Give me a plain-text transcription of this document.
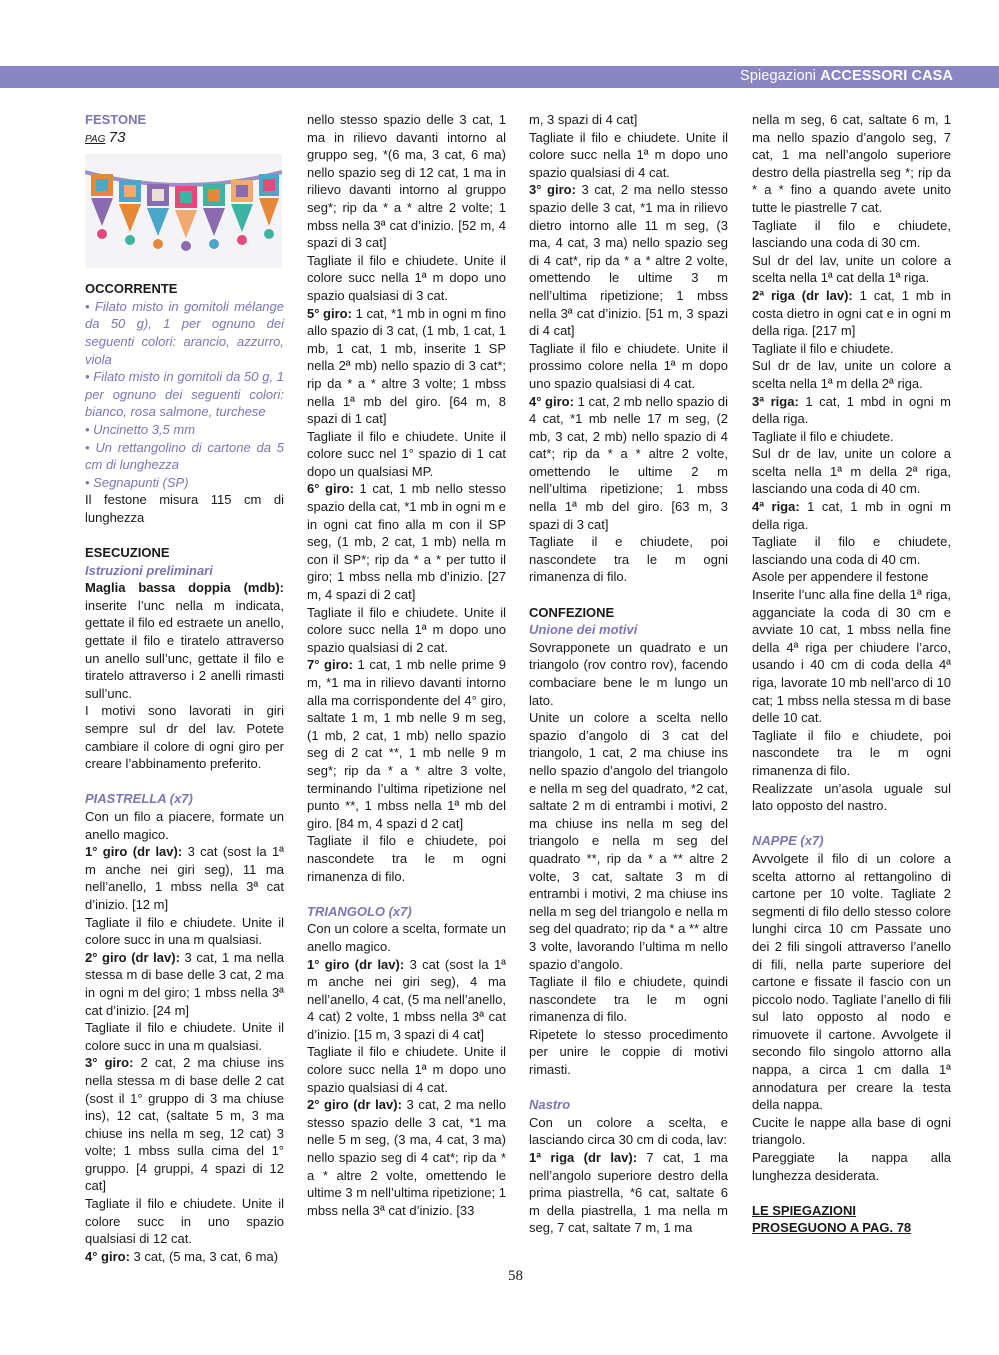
Spiegazioni ACCESSORI CASA

FESTONE

PAG 73

OCCORRENTE

• Filato misto in gomitoli mélange da 50 g), 1 per ognuno dei seguenti colori: arancio, azzurro, viola

• Filato misto in gomitoli da 50 g, 1 per ognuno dei seguenti colori: bianco, rosa salmone, turchese

• Uncinetto 3,5 mm

• Un rettangolino di cartone da 5 cm di lunghezza

• Segnapunti (SP)

Il festone misura 115 cm di lunghezza

ESECUZIONE

Istruzioni preliminari

Maglia bassa doppia (mdb): inserite l’unc nella m indicata, gettate il filo ed estraete un anello, gettate il filo e tiratelo attraverso un anello sull’unc, gettate il filo e tiratelo attraverso i 2 anelli rimasti sull’unc.

I motivi sono lavorati in giri sempre sul dr del lav. Potete cambiare il colore di ogni giro per creare l’abbinamento preferito.

PIASTRELLA (x7)

Con un filo a piacere, formate un anello magico.

1° giro (dr lav): 3 cat (sost la 1ª m anche nei giri seg), 11 ma nell’anello, 1 mbss nella 3ª cat d’inizio. [12 m]

Tagliate il filo e chiudete. Unite il colore succ in una m qualsiasi.

2° giro (dr lav): 3 cat, 1 ma nella stessa m di base delle 3 cat, 2 ma in ogni m del giro; 1 mbss nella 3ª cat d’inizio. [24 m]

Tagliate il filo e chiudete. Unite il colore succ in una m qualsiasi.

3° giro: 2 cat, 2 ma chiuse ins nella stessa m di base delle 2 cat (sost il 1° gruppo di 3 ma chiuse ins), 12 cat, (saltate 5 m, 3 ma chiuse ins nella m seg, 12 cat) 3 volte; 1 mbss sulla cima del 1° gruppo. [4 gruppi, 4 spazi di 12 cat]

Tagliate il filo e chiudete. Unite il colore succ in uno spazio qualsiasi di 12 cat.

4° giro: 3 cat, (5 ma, 3 cat, 6 ma)

nello stesso spazio delle 3 cat, 1 ma in rilievo davanti intorno al gruppo seg, *(6 ma, 3 cat, 6 ma) nello spazio seg di 12 cat, 1 ma in rilievo davanti intorno al gruppo seg*; rip da * a * altre 2 volte; 1 mbss nella 3ª cat d’inizio. [52 m, 4 spazi di 3 cat]

Tagliate il filo e chiudete. Unite il colore succ nella 1ª m dopo uno spazio qualsiasi di 3 cat.

5° giro: 1 cat, *1 mb in ogni m fino allo spazio di 3 cat, (1 mb, 1 cat, 1 mb, 1 cat, 1 mb, inserite 1 SP nella 2ª mb) nello spazio di 3 cat*; rip da * a * altre 3 volte; 1 mbss nella 1ª mb del giro. [64 m, 8 spazi di 1 cat]

Tagliate il filo e chiudete. Unite il colore succ nel 1° spazio di 1 cat dopo un qualsiasi MP.

6° giro: 1 cat, 1 mb nello stesso spazio della cat, *1 mb in ogni m e in ogni cat fino alla m con il SP seg, (1 mb, 2 cat, 1 mb) nella m con il SP*; rip da * a * per tutto il giro; 1 mbss nella mb d’inizio. [27 m, 4 spazi di 2 cat]

Tagliate il filo e chiudete. Unite il colore succ nella 1ª m dopo uno spazio qualsiasi di 2 cat.

7° giro: 1 cat, 1 mb nelle prime 9 m, *1 ma in rilievo davanti intorno alla ma corrispondente del 4° giro, saltate 1 m, 1 mb nelle 9 m seg, (1 mb, 2 cat, 1 mb) nello spazio seg di 2 cat **, 1 mb nelle 9 m seg*; rip da * a * altre 3 volte, terminando l’ultima ripetizione nel punto **, 1 mbss nella 1ª mb del giro. [84 m, 4 spazi d 2 cat]

Tagliate il filo e chiudete, poi nascondete tra le m ogni rimanenza di filo.

TRIANGOLO (x7)

Con un colore a scelta, formate un anello magico.

1° giro (dr lav): 3 cat (sost la 1ª m anche nei giri seg), 4 ma nell’anello, 4 cat, (5 ma nell’anello, 4 cat) 2 volte, 1 mbss nella 3ª cat d’inizio. [15 m, 3 spazi di 4 cat]

Tagliate il filo e chiudete. Unite il colore succ nella 1ª m dopo uno spazio qualsiasi di 4 cat.

2° giro (dr lav): 3 cat, 2 ma nello stesso spazio delle 3 cat, *1 ma nelle 5 m seg, (3 ma, 4 cat, 3 ma) nello spazio seg di 4 cat*; rip da * a * altre 2 volte, omettendo le ultime 3 m nell’ultima ripetizione; 1 mbss nella 3ª cat d’inizio. [33

m, 3 spazi di 4 cat]

Tagliate il filo e chiudete. Unite il colore succ nella 1ª m dopo uno spazio qualsiasi di 4 cat.

3° giro: 3 cat, 2 ma nello stesso spazio delle 3 cat, *1 ma in rilievo dietro intorno alle 11 m seg, (3 ma, 4 cat, 3 ma) nello spazio seg di 4 cat*, rip da * a * altre 2 volte, omettendo le ultime 3 m nell’ultima ripetizione; 1 mbss nella 3ª cat d’inizio. [51 m, 3 spazi di 4 cat]

Tagliate il filo e chiudete. Unite il prossimo colore nella 1ª m dopo uno spazio qualsiasi di 4 cat.

4° giro: 1 cat, 2 mb nello spazio di 4 cat, *1 mb nelle 17 m seg, (2 mb, 3 cat, 2 mb) nello spazio di 4 cat*; rip da * a * altre 2 volte, omettendo le ultime 2 m nell’ultima ripetizione; 1 mbss nella 1ª mb del giro. [63 m, 3 spazi di 3 cat]

Tagliate il e chiudete, poi nascondete tra le m ogni rimanenza di filo.

CONFEZIONE

Unione dei motivi

Sovrapponete un quadrato e un triangolo (rov contro rov), facendo combaciare bene le m lungo un lato.

Unite un colore a scelta nello spazio d’angolo di 3 cat del triangolo, 1 cat, 2 ma chiuse ins nello spazio d’angolo del triangolo e nella m seg del quadrato, *2 cat, saltate 2 m di entrambi i motivi, 2 ma chiuse ins nella m seg del triangolo e nella m seg del quadrato **, rip da * a ** altre 2 volte, 3 cat, saltate 3 m di entrambi i motivi, 2 ma chiuse ins nella m seg del triangolo e nella m seg del quadrato; rip da * a ** altre 3 volte, lavorando l’ultima m nello spazio d’angolo.

Tagliate il filo e chiudete, quindi nascondete tra le m ogni rimanenza di filo.

Ripetete lo stesso procedimento per unire le coppie di motivi rimasti.

Nastro

Con un colore a scelta, e lasciando circa 30 cm di coda, lav:

1ª riga (dr lav): 7 cat, 1 ma nell’angolo superiore destro della prima piastrella, *6 cat, saltate 6 m della piastrella, 1 ma nella m seg, 7 cat, saltate 7 m, 1 ma

nella m seg, 6 cat, saltate 6 m, 1 ma nello spazio d’angolo seg, 7 cat, 1 ma nell’angolo superiore destro della piastrella seg *; rip da * a * fino a quando avete unito tutte le piastrelle 7 cat.

Tagliate il filo e chiudete, lasciando una coda di 30 cm.

Sul dr del lav, unite un colore a scelta nella 1ª cat della 1ª riga.

2ª riga (dr lav): 1 cat, 1 mb in costa dietro in ogni cat e in ogni m della riga. [217 m]

Tagliate il filo e chiudete.

Sul dr de lav, unite un colore a scelta nella 1ª m della 2ª riga.

3ª riga: 1 cat, 1 mbd in ogni m della riga.

Tagliate il filo e chiudete.

Sul dr de lav, unite un colore a scelta nella 1ª m della 2ª riga, lasciando una coda di 40 cm.

4ª riga: 1 cat, 1 mb in ogni m della riga.

Tagliate il filo e chiudete, lasciando una coda di 40 cm.

Asole per appendere il festone

Inserite l’unc alla fine della 1ª riga, agganciate la coda di 30 cm e avviate 10 cat, 1 mbss nella fine della 4ª riga per chiudere l’arco, usando i 40 cm di coda della 4ª riga, lavorate 10 mb nell’arco di 10 cat; 1 mbss nella stessa m di base delle 10 cat.

Tagliate il filo e chiudete, poi nascondete tra le m ogni rimanenza di filo.

Realizzate un’asola uguale sul lato opposto del nastro.

NAPPE (x7)

Avvolgete il filo di un colore a scelta attorno al rettangolino di cartone per 10 volte. Tagliate 2 segmenti di filo dello stesso colore lunghi circa 10 cm Passate uno dei 2 fili singoli attraverso l’anello di fili, nella parte superiore del cartone e fissate il fascio con un piccolo nodo. Tagliate l’anello di fili sul lato opposto al nodo e rimuovete il cartone. Avvolgete il secondo filo singolo attorno alla nappa, a circa 1 cm dalla 1ª annodatura per creare la testa della nappa.

Cucite le nappe alla base di ogni triangolo.

Pareggiate la nappa alla lunghezza desiderata.

LE SPIEGAZIONI

PROSEGUONO A PAG. 78

58
